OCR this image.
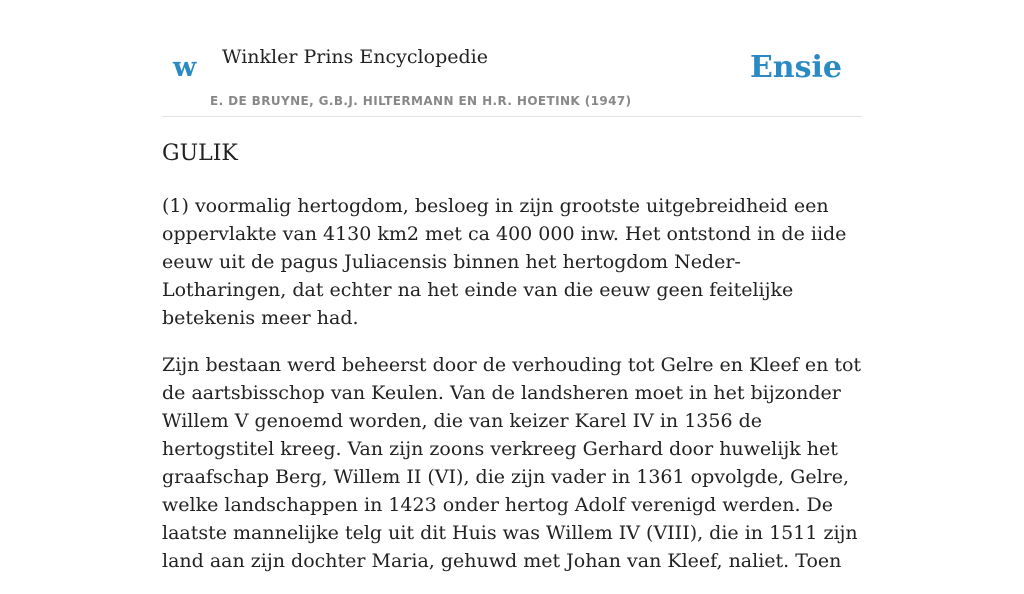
w Winkler Prins Encyclopedie
E. DE BRUYNE, G.B.J. HILTERMANN EN H.R. HOETINK (1947)
Ensie
GULIK

(1) voormalig hertogdom, besloeg in zijn grootste uitgebreidheid een oppervlakte van 4130 km2 met ca 400 000 inw. Het ontstond in de iide eeuw uit de pagus Juliacensis binnen het hertogdom Neder-Lotharingen, dat echter na het einde van die eeuw geen feitelijke betekenis meer had.

Zijn bestaan werd beheerst door de verhouding tot Gelre en Kleef en tot de aartsbisschop van Keulen. Van de landsheren moet in het bijzonder Willem V genoemd worden, die van keizer Karel IV in 1356 de hertogstitel kreeg. Van zijn zoons verkreeg Gerhard door huwelijk het graafschap Berg, Willem II (VI), die zijn vader in 1361 opvolgde, Gelre, welke landschappen in 1423 onder hertog Adolf verenigd werden. De laatste mannelijke telg uit dit Huis was Willem IV (VIII), die in 1511 zijn land aan zijn dochter Maria, gehuwd met Johan van Kleef, naliet. Toen
